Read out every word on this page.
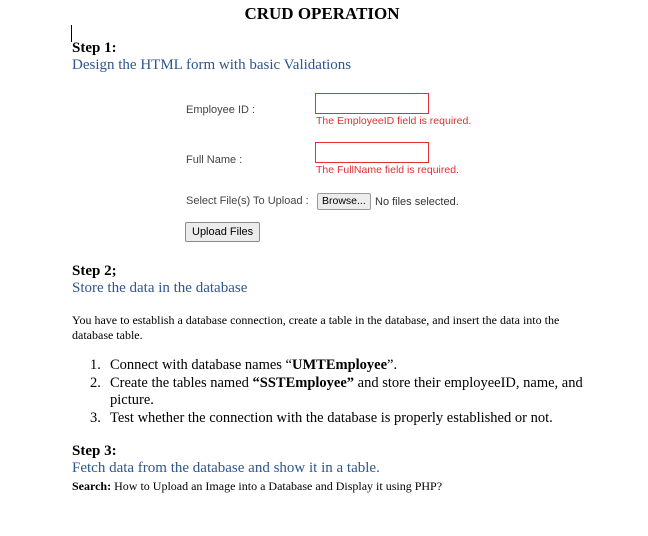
CRUD OPERATION
Step 1:
Design the HTML form with basic Validations
Employee ID :
The EmployeeID field is required.
Full Name :
The FullName field is required.
Select File(s) To Upload :	Browse... No files selected.
Upload Files
Step 2;
Store the data in the database
You have to establish a database connection, create a table in the database, and insert the data into the database table.
1. Connect with database names “UMTEmployee”.
2. Create the tables named “SSTEmployee” and store their employeeID, name, and picture.
3. Test whether the connection with the database is properly established or not.
Step 3:
Fetch data from the database and show it in a table.
Search: How to Upload an Image into a Database and Display it using PHP?
